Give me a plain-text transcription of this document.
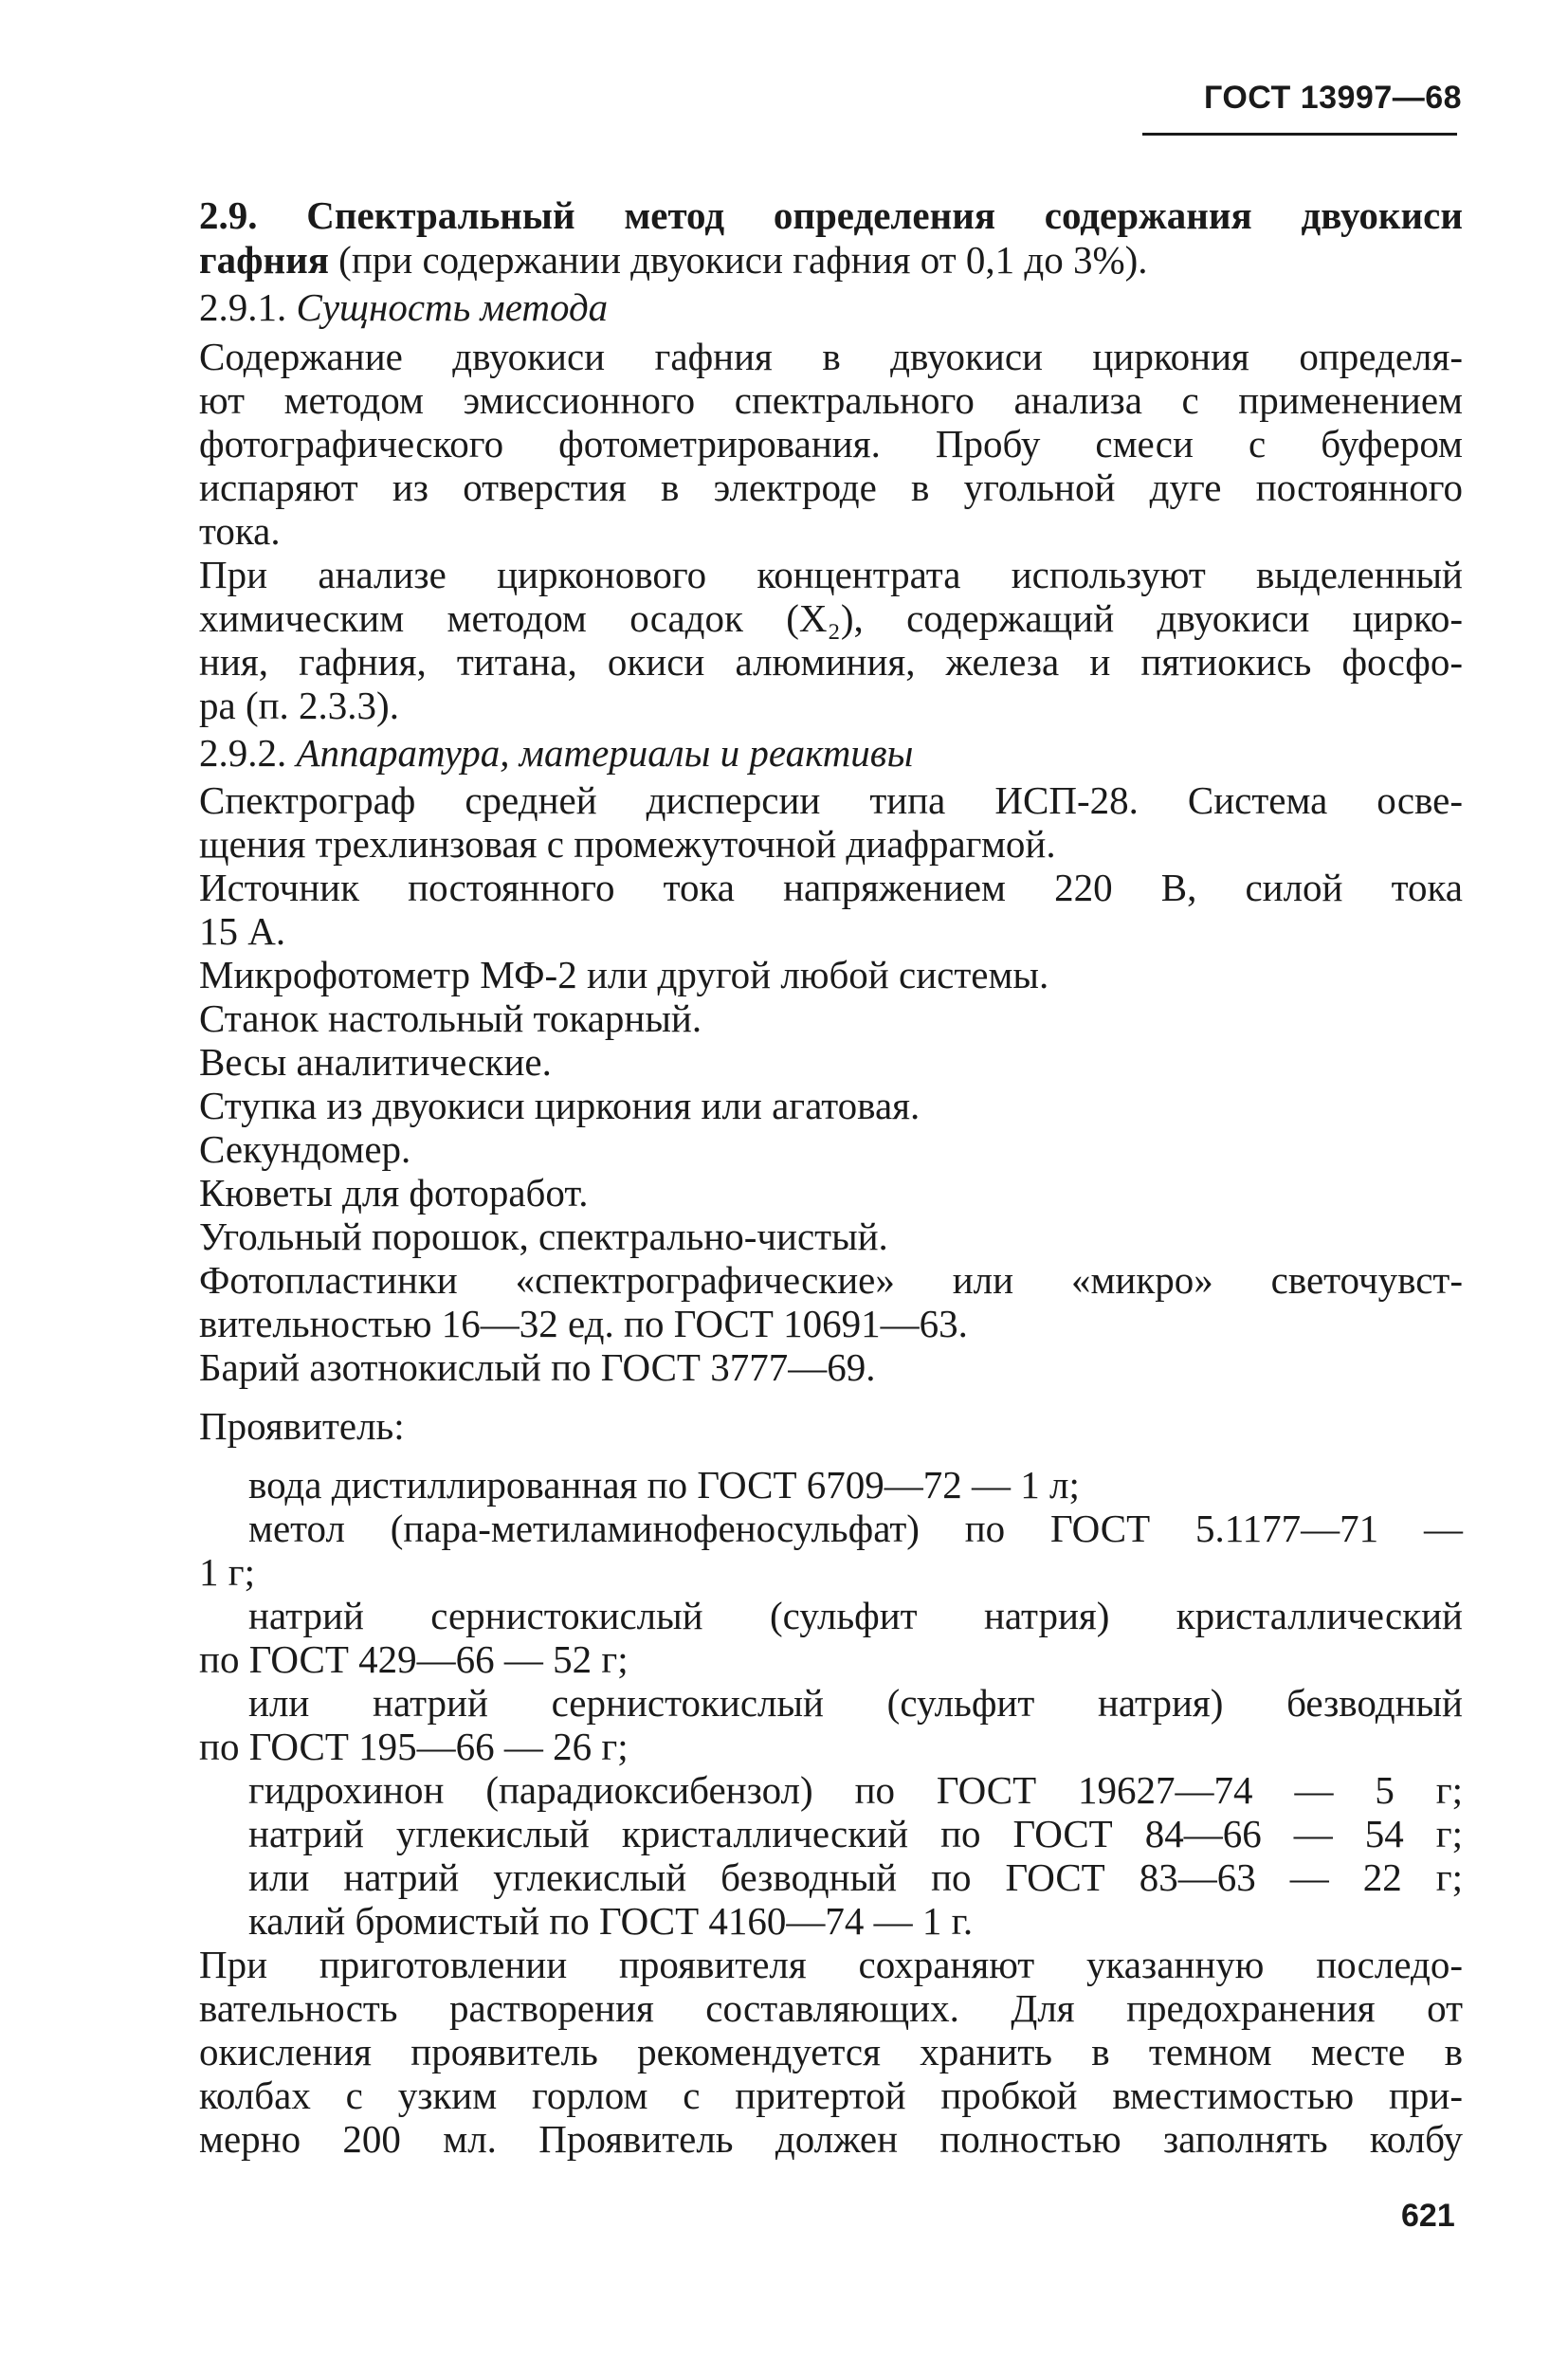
ГОСТ 13997—68
2.9. Спектральный метод определения содержания двуокиси
гафния (при содержании двуокиси гафния от 0,1 до 3%).
2.9.1. Сущность метода
Содержание двуокиси гафния в двуокиси циркония определя-
ют методом эмиссионного спектрального анализа с применением
фотографического фотометрирования. Пробу смеси с буфером
испаряют из отверстия в электроде в угольной дуге постоянного
тока.
При анализе цирконового концентрата используют выделенный
химическим методом осадок (X₂), содержащий двуокиси цирко-
ния, гафния, титана, окиси алюминия, железа и пятиокись фосфо-
ра (п. 2.3.3).
2.9.2. Аппаратура, материалы и реактивы
Спектрограф средней дисперсии типа ИСП-28. Система осве-
щения трехлинзовая с промежуточной диафрагмой.
Источник постоянного тока напряжением 220 В, силой тока
15 А.
Микрофотометр МФ-2 или другой любой системы.
Станок настольный токарный.
Весы аналитические.
Ступка из двуокиси циркония или агатовая.
Секундомер.
Кюветы для фоторабот.
Угольный порошок, спектрально-чистый.
Фотопластинки «спектрографические» или «микро» светочувст-
вительностью 16—32 ед. по ГОСТ 10691—63.
Барий азотнокислый по ГОСТ 3777—69.
Проявитель:
вода дистиллированная по ГОСТ 6709—72 — 1 л;
метол (пара-метиламинофеносульфат) по ГОСТ 5.1177—71 —
1 г;
натрий сернистокислый (сульфит натрия) кристаллический
по ГОСТ 429—66 — 52 г;
или натрий сернистокислый (сульфит натрия) безводный
по ГОСТ 195—66 — 26 г;
гидрохинон (парадиоксибензол) по ГОСТ 19627—74 — 5 г;
натрий углекислый кристаллический по ГОСТ 84—66 — 54 г;
или натрий углекислый безводный по ГОСТ 83—63 — 22 г;
калий бромистый по ГОСТ 4160—74 — 1 г.
При приготовлении проявителя сохраняют указанную последо-
вательность растворения составляющих. Для предохранения от
окисления проявитель рекомендуется хранить в темном месте в
колбах с узким горлом с притертой пробкой вместимостью при-
мерно 200 мл. Проявитель должен полностью заполнять колбу
621
